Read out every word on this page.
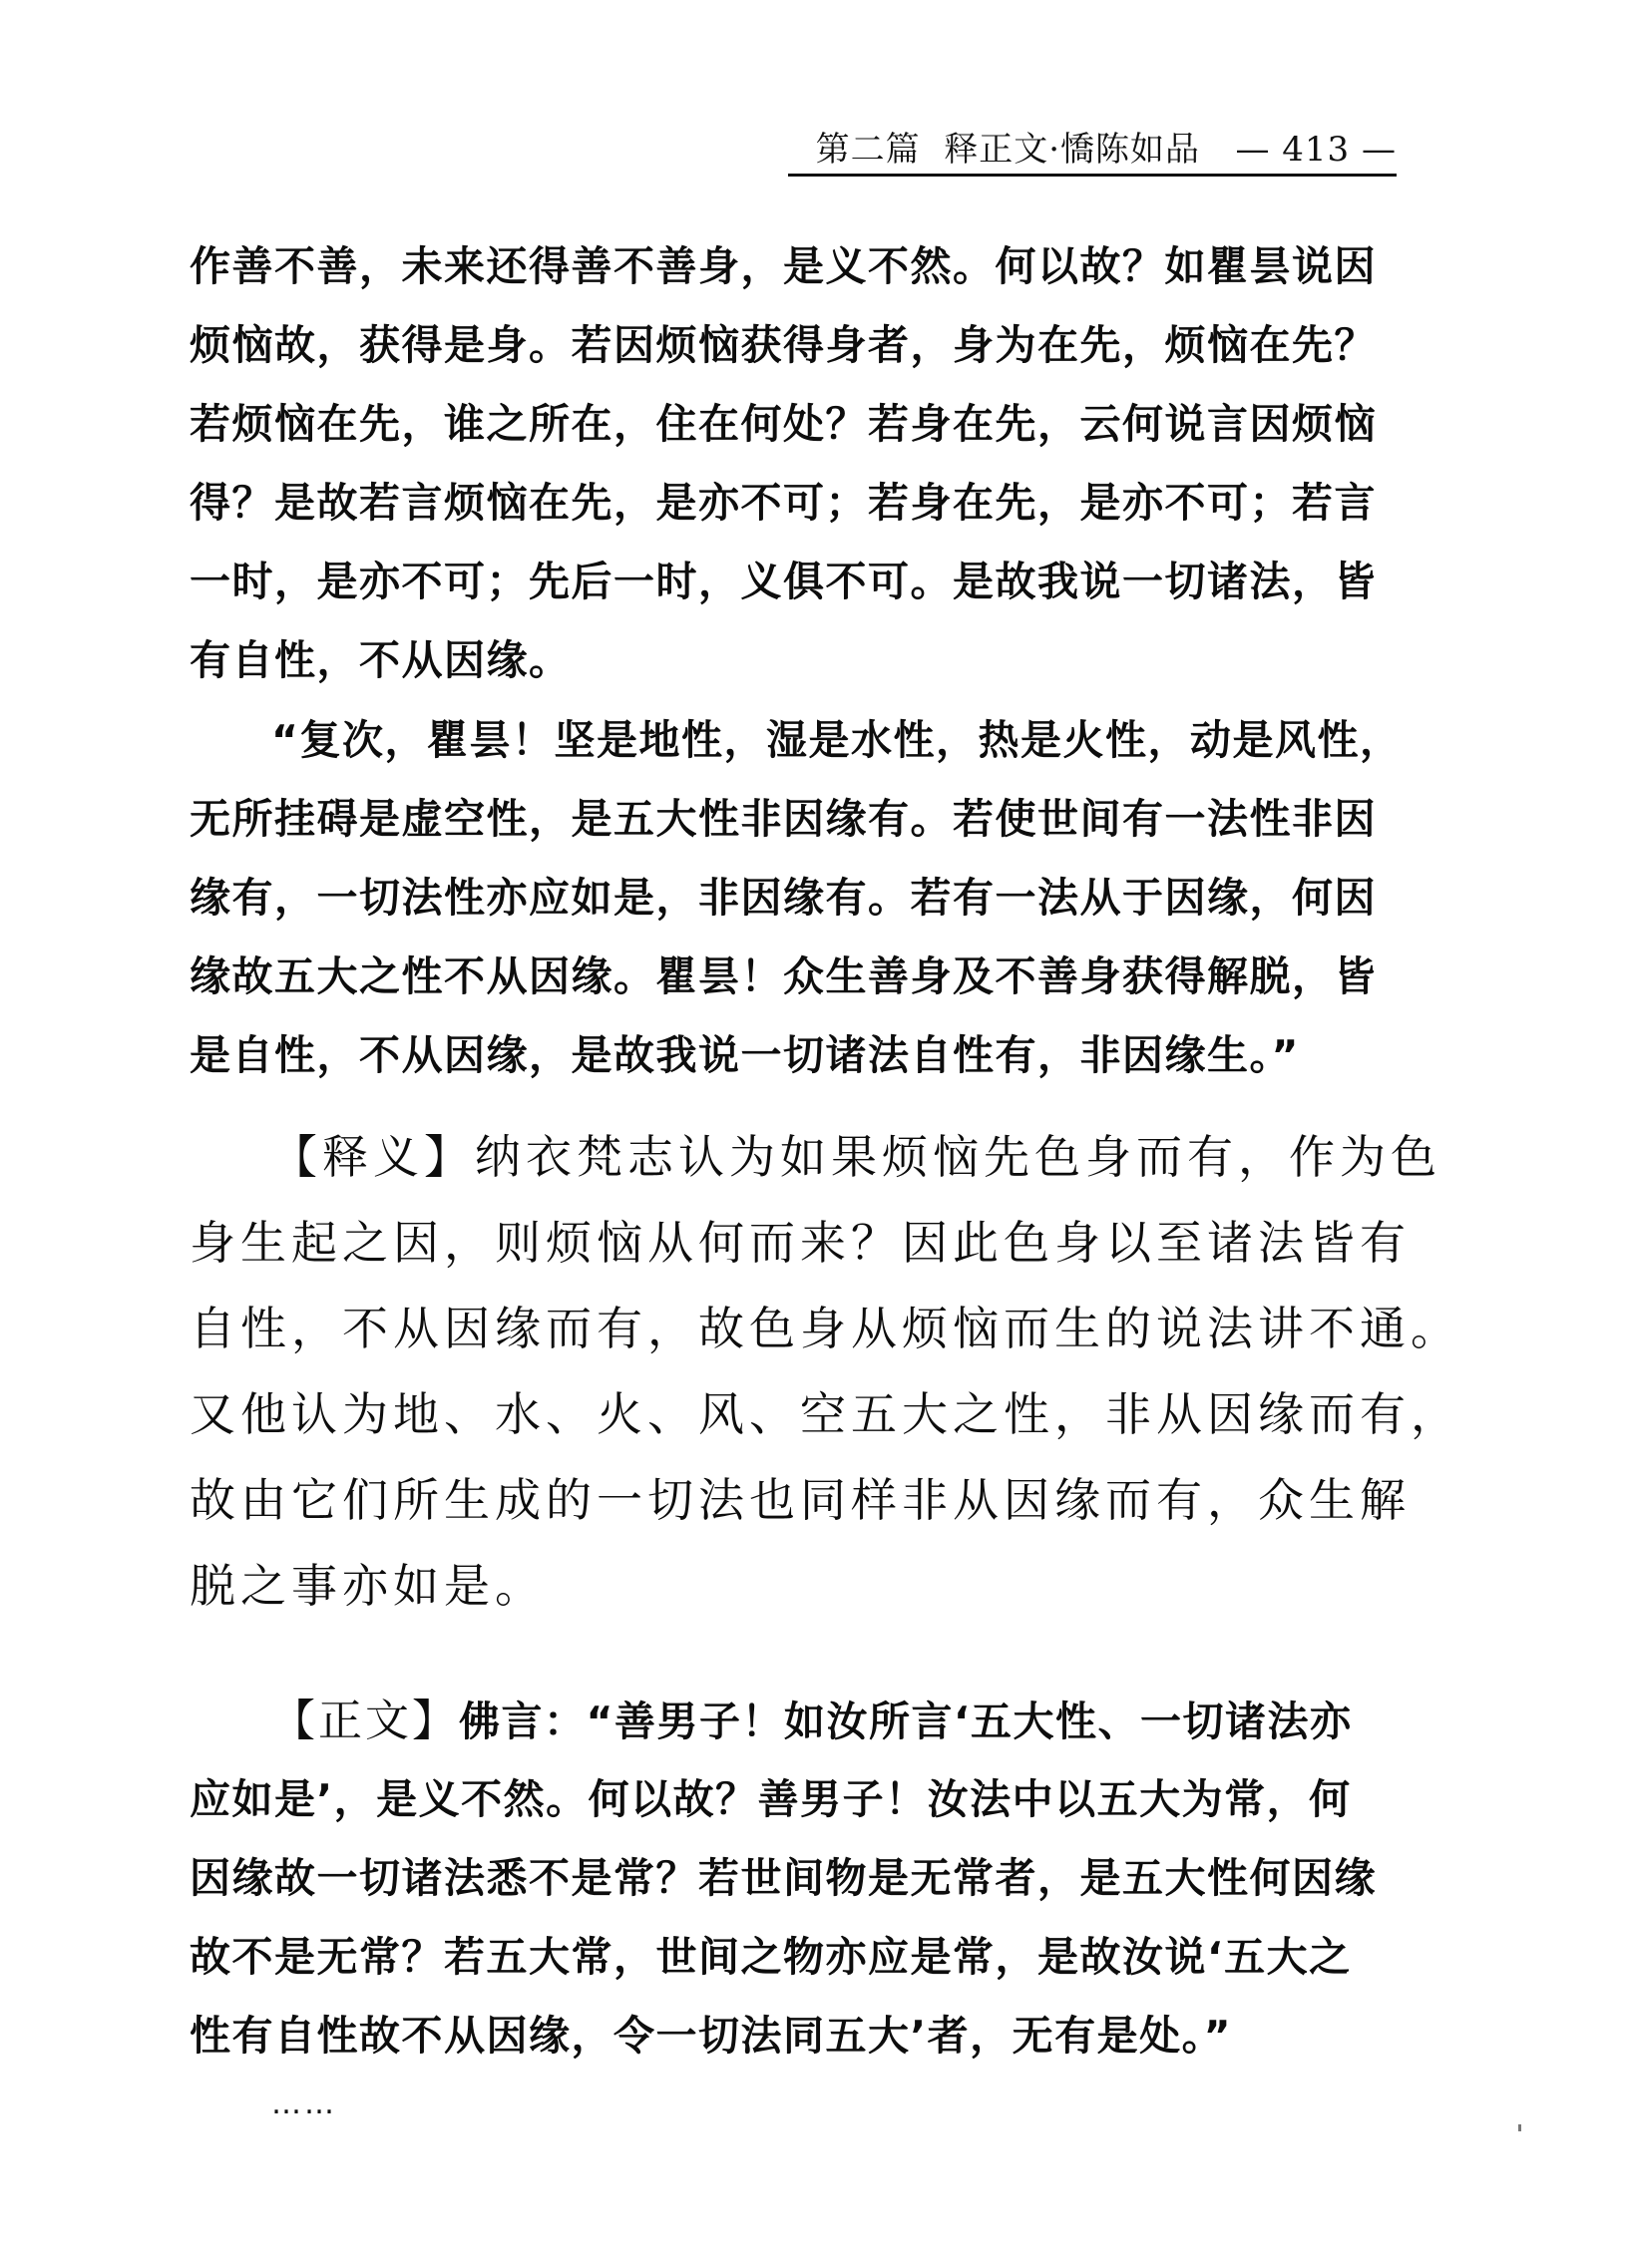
第二篇 释正文·憍陈如品 — 413 —
作善不善，未来还得善不善身，是义不然。何以故？如瞿昙说因
烦恼故，获得是身。若因烦恼获得身者，身为在先，烦恼在先？
若烦恼在先，谁之所在，住在何处？若身在先，云何说言因烦恼
得？是故若言烦恼在先，是亦不可；若身在先，是亦不可；若言
一时，是亦不可；先后一时，义俱不可。是故我说一切诸法，皆
有自性，不从因缘。
“复次，瞿昙！坚是地性，湿是水性，热是火性，动是风性，
无所挂碍是虚空性，是五大性非因缘有。若使世间有一法性非因
缘有，一切法性亦应如是，非因缘有。若有一法从于因缘，何因
缘故五大之性不从因缘。瞿昙！众生善身及不善身获得解脱，皆
是自性，不从因缘，是故我说一切诸法自性有，非因缘生。”
【释义】纳衣梵志认为如果烦恼先色身而有，作为色
身生起之因，则烦恼从何而来？因此色身以至诸法皆有
自性，不从因缘而有，故色身从烦恼而生的说法讲不通。
又他认为地、水、火、风、空五大之性，非从因缘而有，
故由它们所生成的一切法也同样非从因缘而有，众生解
脱之事亦如是。
【正文】佛言：“善男子！如汝所言‘五大性、一切诸法亦
应如是’，是义不然。何以故？善男子！汝法中以五大为常，何
因缘故一切诸法悉不是常？若世间物是无常者，是五大性何因缘
故不是无常？若五大常，世间之物亦应是常，是故汝说‘五大之
性有自性故不从因缘，令一切法同五大’者，无有是处。”
……
